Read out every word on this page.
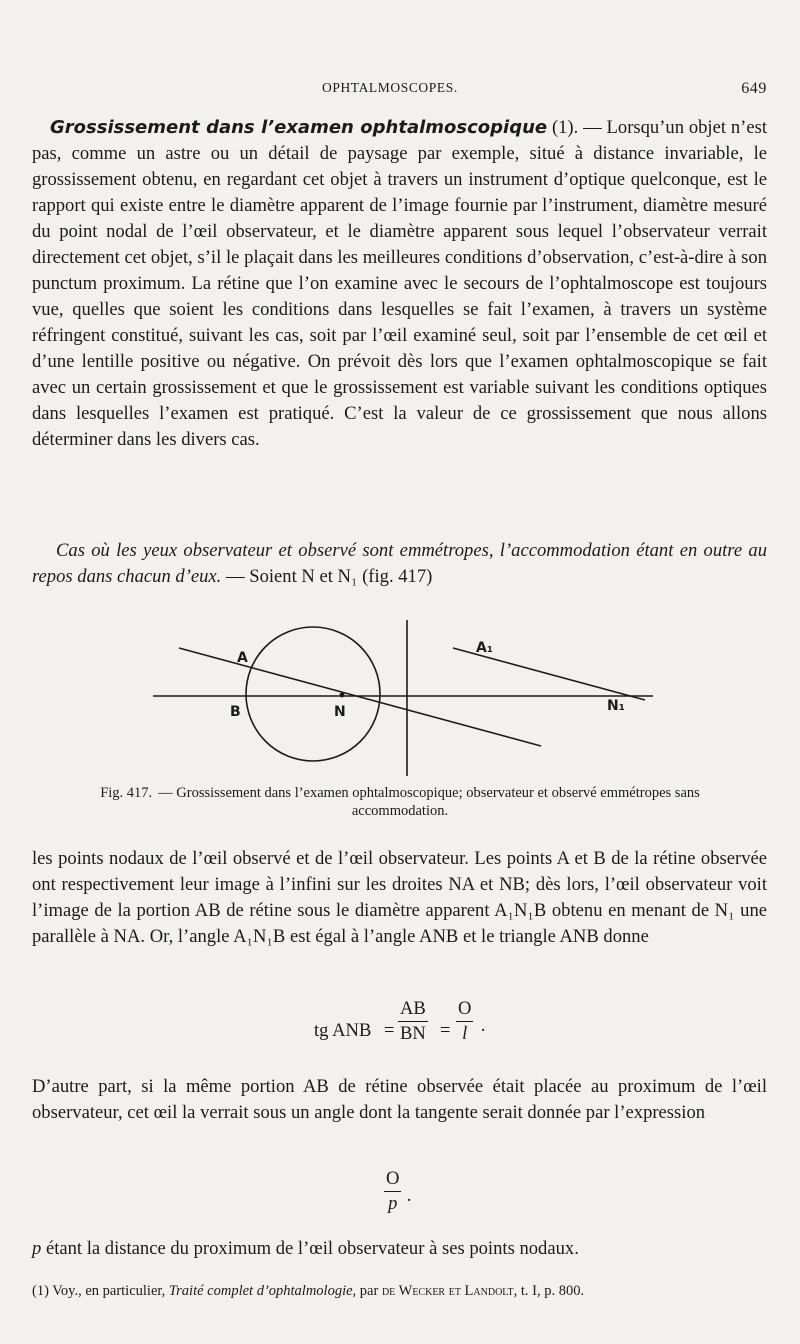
OPHTALMOSCOPES.	649
Grossissement dans l’examen ophtalmoscopique (1). — Lorsqu’un objet n’est pas, comme un astre ou un détail de paysage par exemple, situé à distance invariable, le grossissement obtenu, en regardant cet objet à travers un instrument d’optique quelconque, est le rapport qui existe entre le diamètre apparent de l’image fournie par l’instrument, diamètre mesuré du point nodal de l’œil observateur, et le diamètre apparent sous lequel l’observateur verrait directement cet objet, s’il le plaçait dans les meilleures conditions d’observation, c’est-à-dire à son punctum proximum. La rétine que l’on examine avec le secours de l’ophtalmoscope est toujours vue, quelles que soient les conditions dans lesquelles se fait l’examen, à travers un système réfringent constitué, suivant les cas, soit par l’œil examiné seul, soit par l’ensemble de cet œil et d’une lentille positive ou négative. On prévoit dès lors que l’examen ophtalmoscopique se fait avec un certain grossissement et que le grossissement est variable suivant les conditions optiques dans lesquelles l’examen est pratiqué. C’est la valeur de ce grossissement que nous allons déterminer dans les divers cas.
Cas où les yeux observateur et observé sont emmétropes, l’accommodation étant en outre au repos dans chacun d’eux. — Soient N et N₁ (fig. 417)
A
B	N
A₁
N₁
Fig. 417. — Grossissement dans l’examen ophtalmoscopique; observateur et observé emmétropes sans accommodation.
les points nodaux de l’œil observé et de l’œil observateur. Les points A et B de la rétine observée ont respectivement leur image à l’infini sur les droites NA et NB; dès lors, l’œil observateur voit l’image de la portion AB de rétine sous le diamètre apparent A₁N₁B obtenu en menant de N₁ une parallèle à NA. Or, l’angle A₁N₁B est égal à l’angle ANB et le triangle ANB donne
tg ANB =
AB
BN =
O
l ·
D’autre part, si la même portion AB de rétine observée était placée au proximum de l’œil observateur, cet œil la verrait sous un angle dont la tangente serait donnée par l’expression
O
p ·
p étant la distance du proximum de l’œil observateur à ses points nodaux.
(1) Voy., en particulier, Traité complet d’ophtalmologie, par de Wecker et Landolt, t. I, p. 800.
